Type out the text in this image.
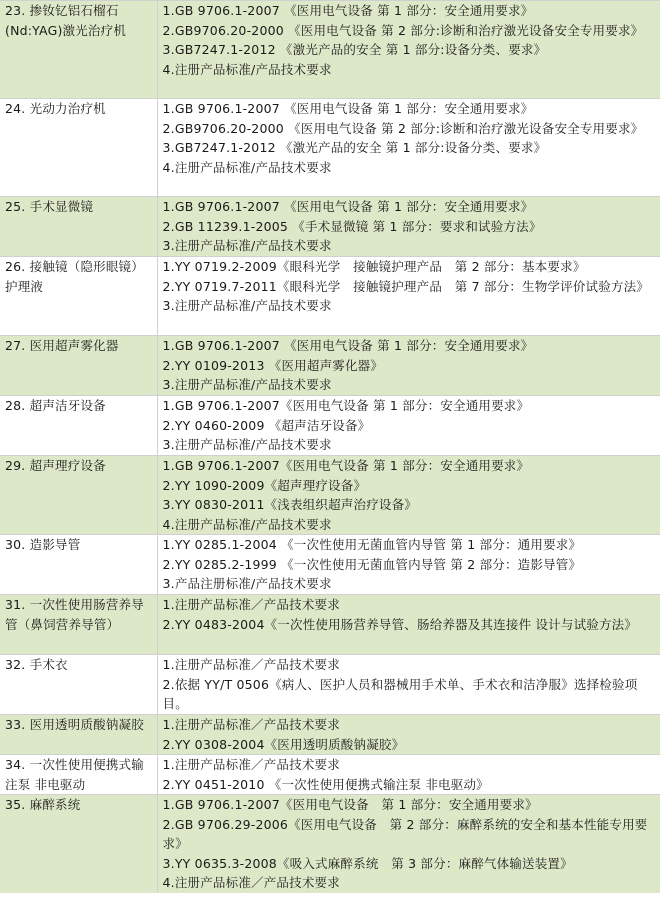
23. 掺钕钇铝石榴石(Nd:YAG)激光治疗机	1.GB 9706.1-2007 《医用电气设备 第 1 部分：安全通用要求》
2.GB9706.20-2000 《医用电气设备 第 2 部分:诊断和治疗激光设备安全专用要求》
3.GB7247.1-2012 《激光产品的安全 第 1 部分:设备分类、要求》
4.注册产品标准/产品技术要求

24. 光动力治疗机	1.GB 9706.1-2007 《医用电气设备 第 1 部分：安全通用要求》
2.GB9706.20-2000 《医用电气设备 第 2 部分:诊断和治疗激光设备安全专用要求》
3.GB7247.1-2012 《激光产品的安全 第 1 部分:设备分类、要求》
4.注册产品标准/产品技术要求

25. 手术显微镜	1.GB 9706.1-2007 《医用电气设备 第 1 部分：安全通用要求》
2.GB 11239.1-2005 《手术显微镜 第 1 部分：要求和试验方法》
3.注册产品标准/产品技术要求

26. 接触镜（隐形眼镜）护理液	1.YY 0719.2-2009《眼科光学　接触镜护理产品　第 2 部分：基本要求》
2.YY 0719.7-2011《眼科光学　接触镜护理产品　第 7 部分：生物学评价试验方法》
3.注册产品标准/产品技术要求

27. 医用超声雾化器	1.GB 9706.1-2007 《医用电气设备 第 1 部分：安全通用要求》
2.YY 0109-2013 《医用超声雾化器》
3.注册产品标准/产品技术要求

28. 超声洁牙设备	1.GB 9706.1-2007《医用电气设备 第 1 部分：安全通用要求》
2.YY 0460-2009 《超声洁牙设备》
3.注册产品标准/产品技术要求

29. 超声理疗设备	1.GB 9706.1-2007《医用电气设备 第 1 部分：安全通用要求》
2.YY 1090-2009《超声理疗设备》
3.YY 0830-2011《浅表组织超声治疗设备》
4.注册产品标准/产品技术要求

30. 造影导管	1.YY 0285.1-2004 《一次性使用无菌血管内导管 第 1 部分：通用要求》
2.YY 0285.2-1999 《一次性使用无菌血管内导管 第 2 部分：造影导管》
3.产品注册标准/产品技术要求

31. 一次性使用肠营养导管（鼻饲营养导管）	1.注册产品标准／产品技术要求
2.YY 0483-2004《一次性使用肠营养导管、肠给养器及其连接件 设计与试验方法》

32. 手术衣	1.注册产品标准／产品技术要求
2.依据 YY/T 0506《病人、医护人员和器械用手术单、手术衣和洁净服》选择检验项目。

33. 医用透明质酸钠凝胶	1.注册产品标准／产品技术要求
2.YY 0308-2004《医用透明质酸钠凝胶》

34. 一次性使用便携式输注泵 非电驱动	1.注册产品标准／产品技术要求
2.YY 0451-2010 《一次性使用便携式输注泵 非电驱动》

35. 麻醉系统	1.GB 9706.1-2007《医用电气设备　第 1 部分：安全通用要求》
2.GB 9706.29-2006《医用电气设备　第 2 部分：麻醉系统的安全和基本性能专用要求》
3.YY 0635.3-2008《吸入式麻醉系统　第 3 部分：麻醉气体输送装置》
4.注册产品标准／产品技术要求
